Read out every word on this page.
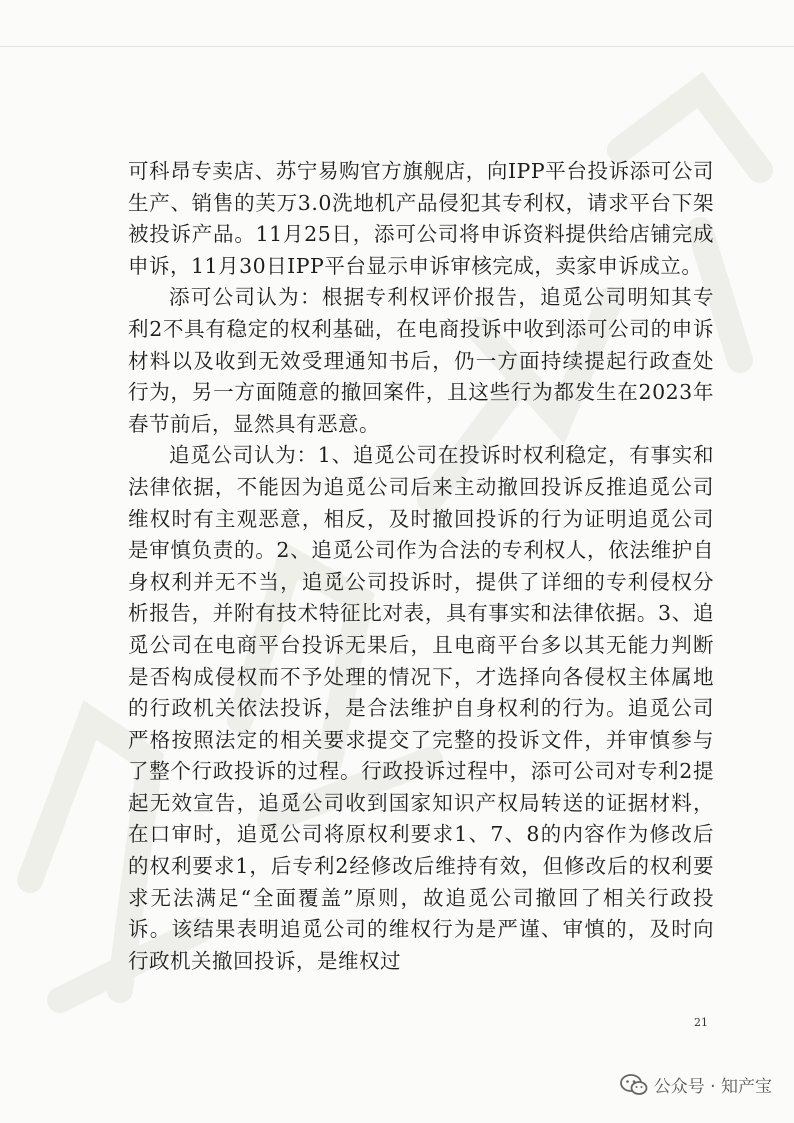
可科昂专卖店、苏宁易购官方旗舰店，向IPP平台投诉添可公司生产、销售的芙万3.0洗地机产品侵犯其专利权，请求平台下架被投诉产品。11月25日，添可公司将申诉资料提供给店铺完成申诉，11月30日IPP平台显示申诉审核完成，卖家申诉成立。

添可公司认为：根据专利权评价报告，追觅公司明知其专利2不具有稳定的权利基础，在电商投诉中收到添可公司的申诉材料以及收到无效受理通知书后，仍一方面持续提起行政查处行为，另一方面随意的撤回案件，且这些行为都发生在2023年春节前后，显然具有恶意。

追觅公司认为：1、追觅公司在投诉时权利稳定，有事实和法律依据，不能因为追觅公司后来主动撤回投诉反推追觅公司维权时有主观恶意，相反，及时撤回投诉的行为证明追觅公司是审慎负责的。2、追觅公司作为合法的专利权人，依法维护自身权利并无不当，追觅公司投诉时，提供了详细的专利侵权分析报告，并附有技术特征比对表，具有事实和法律依据。3、追觅公司在电商平台投诉无果后，且电商平台多以其无能力判断是否构成侵权而不予处理的情况下，才选择向各侵权主体属地的行政机关依法投诉，是合法维护自身权利的行为。追觅公司严格按照法定的相关要求提交了完整的投诉文件，并审慎参与了整个行政投诉的过程。行政投诉过程中，添可公司对专利2提起无效宣告，追觅公司收到国家知识产权局转送的证据材料，在口审时，追觅公司将原权利要求1、7、8的内容作为修改后的权利要求1，后专利2经修改后维持有效，但修改后的权利要求无法满足“全面覆盖”原则，故追觅公司撤回了相关行政投诉。该结果表明追觅公司的维权行为是严谨、审慎的，及时向行政机关撤回投诉，是维权过

21
公众号 · 知产宝
